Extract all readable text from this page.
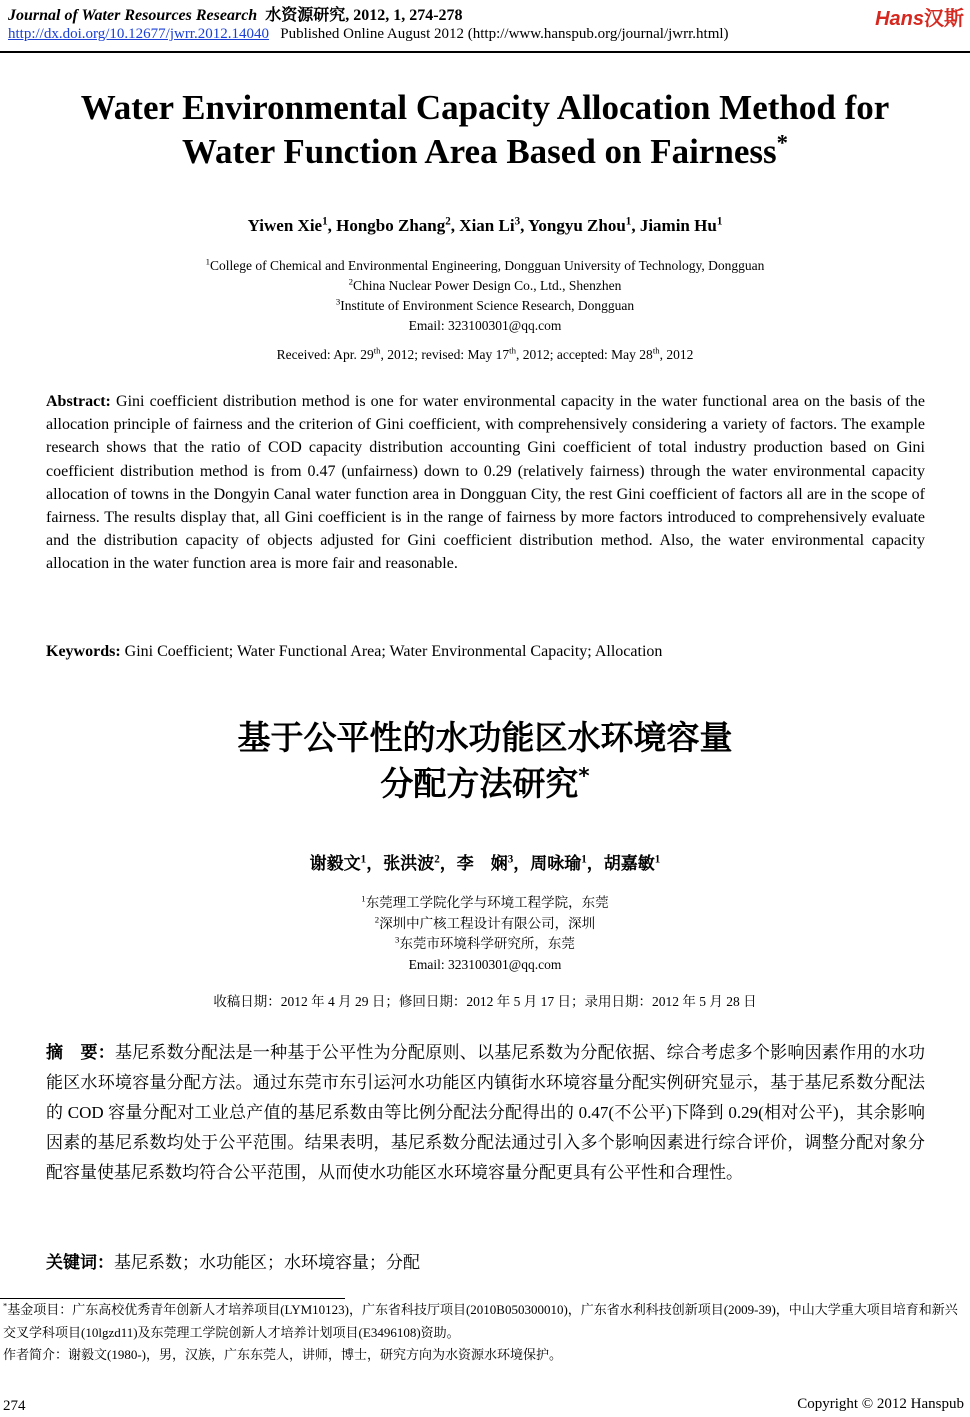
Journal of Water Resources Research 水资源研究, 2012, 1, 274-278
http://dx.doi.org/10.12677/jwrr.2012.14040 Published Online August 2012 (http://www.hanspub.org/journal/jwrr.html)
Hans汉斯
Water Environmental Capacity Allocation Method for
Water Function Area Based on Fairness*
Yiwen Xie$^1$, Hongbo Zhang$^2$, Xian Li$^3$, Yongyu Zhou$^1$, Jiamin Hu$^1$
$^1$College of Chemical and Environmental Engineering, Dongguan University of Technology, Dongguan
$^2$China Nuclear Power Design Co., Ltd., Shenzhen
$^3$Institute of Environment Science Research, Dongguan
Email: 323100301@qq.com
Received: Apr. 29th, 2012; revised: May 17th, 2012; accepted: May 28th, 2012
Abstract: Gini coefficient distribution method is one for water environmental capacity in the water functional area on the basis of the allocation principle of fairness and the criterion of Gini coefficient, with comprehensively considering a variety of factors. The example research shows that the ratio of COD capacity distribution accounting Gini coefficient of total industry production based on Gini coefficient distribution method is from 0.47 (unfairness) down to 0.29 (relatively fairness) through the water environmental capacity allocation of towns in the Dongyin Canal water function area in Dongguan City, the rest Gini coefficient of factors all are in the scope of fairness. The results display that, all Gini coefficient is in the range of fairness by more factors introduced to comprehensively evaluate and the distribution capacity of objects adjusted for Gini coefficient distribution method. Also, the water environmental capacity allocation in the water function area is more fair and reasonable.
Keywords: Gini Coefficient; Water Functional Area; Water Environmental Capacity; Allocation
基于公平性的水功能区水环境容量
分配方法研究*
谢毅文$^1$，张洪波$^2$，李　娴$^3$，周咏瑜$^1$，胡嘉敏$^1$
$^1$东莞理工学院化学与环境工程学院，东莞
$^2$深圳中广核工程设计有限公司，深圳
$^3$东莞市环境科学研究所，东莞
Email: 323100301@qq.com
收稿日期：2012 年 4 月 29 日；修回日期：2012 年 5 月 17 日；录用日期：2012 年 5 月 28 日
摘　要：基尼系数分配法是一种基于公平性为分配原则、以基尼系数为分配依据、综合考虑多个影响因素作用的水功能区水环境容量分配方法。通过东莞市东引运河水功能区内镇街水环境容量分配实例研究显示，基于基尼系数分配法的 COD 容量分配对工业总产值的基尼系数由等比例分配法分配得出的 0.47(不公平)下降到 0.29(相对公平)，其余影响因素的基尼系数均处于公平范围。结果表明，基尼系数分配法通过引入多个影响因素进行综合评价，调整分配对象分配容量使基尼系数均符合公平范围，从而使水功能区水环境容量分配更具有公平性和合理性。
关键词：基尼系数；水功能区；水环境容量；分配
*基金项目：广东高校优秀青年创新人才培养项目(LYM10123)，广东省科技厅项目(2010B050300010)，广东省水利科技创新项目(2009-39)，中山大学重大项目培育和新兴交叉学科项目(10lgzd11)及东莞理工学院创新人才培养计划项目(E3496108)资助。
作者简介：谢毅文(1980-)，男，汉族，广东东莞人，讲师，博士，研究方向为水资源水环境保护。
274	Copyright © 2012 Hanspub
